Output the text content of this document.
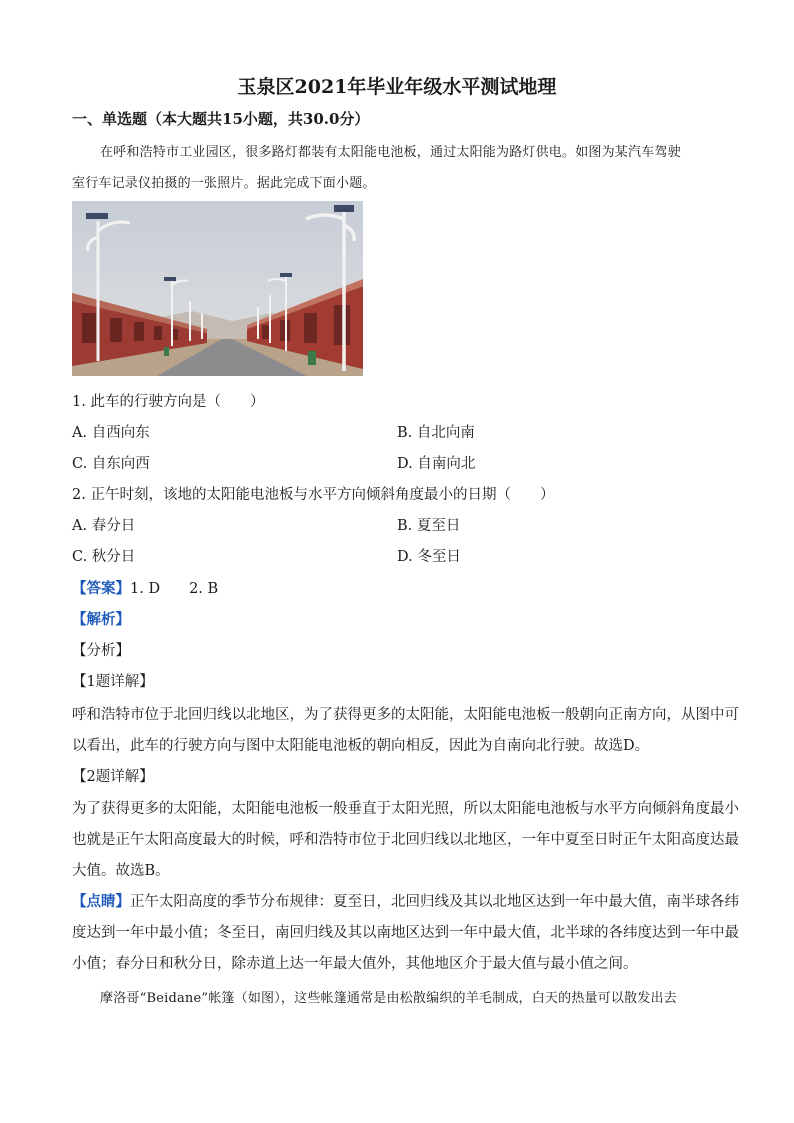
玉泉区2021年毕业年级水平测试地理
一、单选题（本大题共15小题，共30.0分）
在呼和浩特市工业园区，很多路灯都装有太阳能电池板，通过太阳能为路灯供电。如图为某汽车驾驶
室行车记录仪拍摄的一张照片。据此完成下面小题。
1. 此车的行驶方向是（　　）
A. 自西向东	B. 自北向南
C. 自东向西	D. 自南向北
2. 正午时刻，该地的太阳能电池板与水平方向倾斜角度最小的日期（　　）
A. 春分日	B. 夏至日
C. 秋分日	D. 冬至日
【答案】1. D　　2. B
【解析】
【分析】
【1题详解】
呼和浩特市位于北回归线以北地区，为了获得更多的太阳能，太阳能电池板一般朝向正南方向，从图中可
以看出，此车的行驶方向与图中太阳能电池板的朝向相反，因此为自南向北行驶。故选D。
【2题详解】
为了获得更多的太阳能，太阳能电池板一般垂直于太阳光照，所以太阳能电池板与水平方向倾斜角度最小
也就是正午太阳高度最大的时候，呼和浩特市位于北回归线以北地区，一年中夏至日时正午太阳高度达最
大值。故选B。
【点睛】正午太阳高度的季节分布规律：夏至日，北回归线及其以北地区达到一年中最大值，南半球各纬
度达到一年中最小值；冬至日，南回归线及其以南地区达到一年中最大值，北半球的各纬度达到一年中最
小值；春分日和秋分日，除赤道上达一年最大值外，其他地区介于最大值与最小值之间。
摩洛哥“Beidane”帐篷（如图），这些帐篷通常是由松散编织的羊毛制成，白天的热量可以散发出去
